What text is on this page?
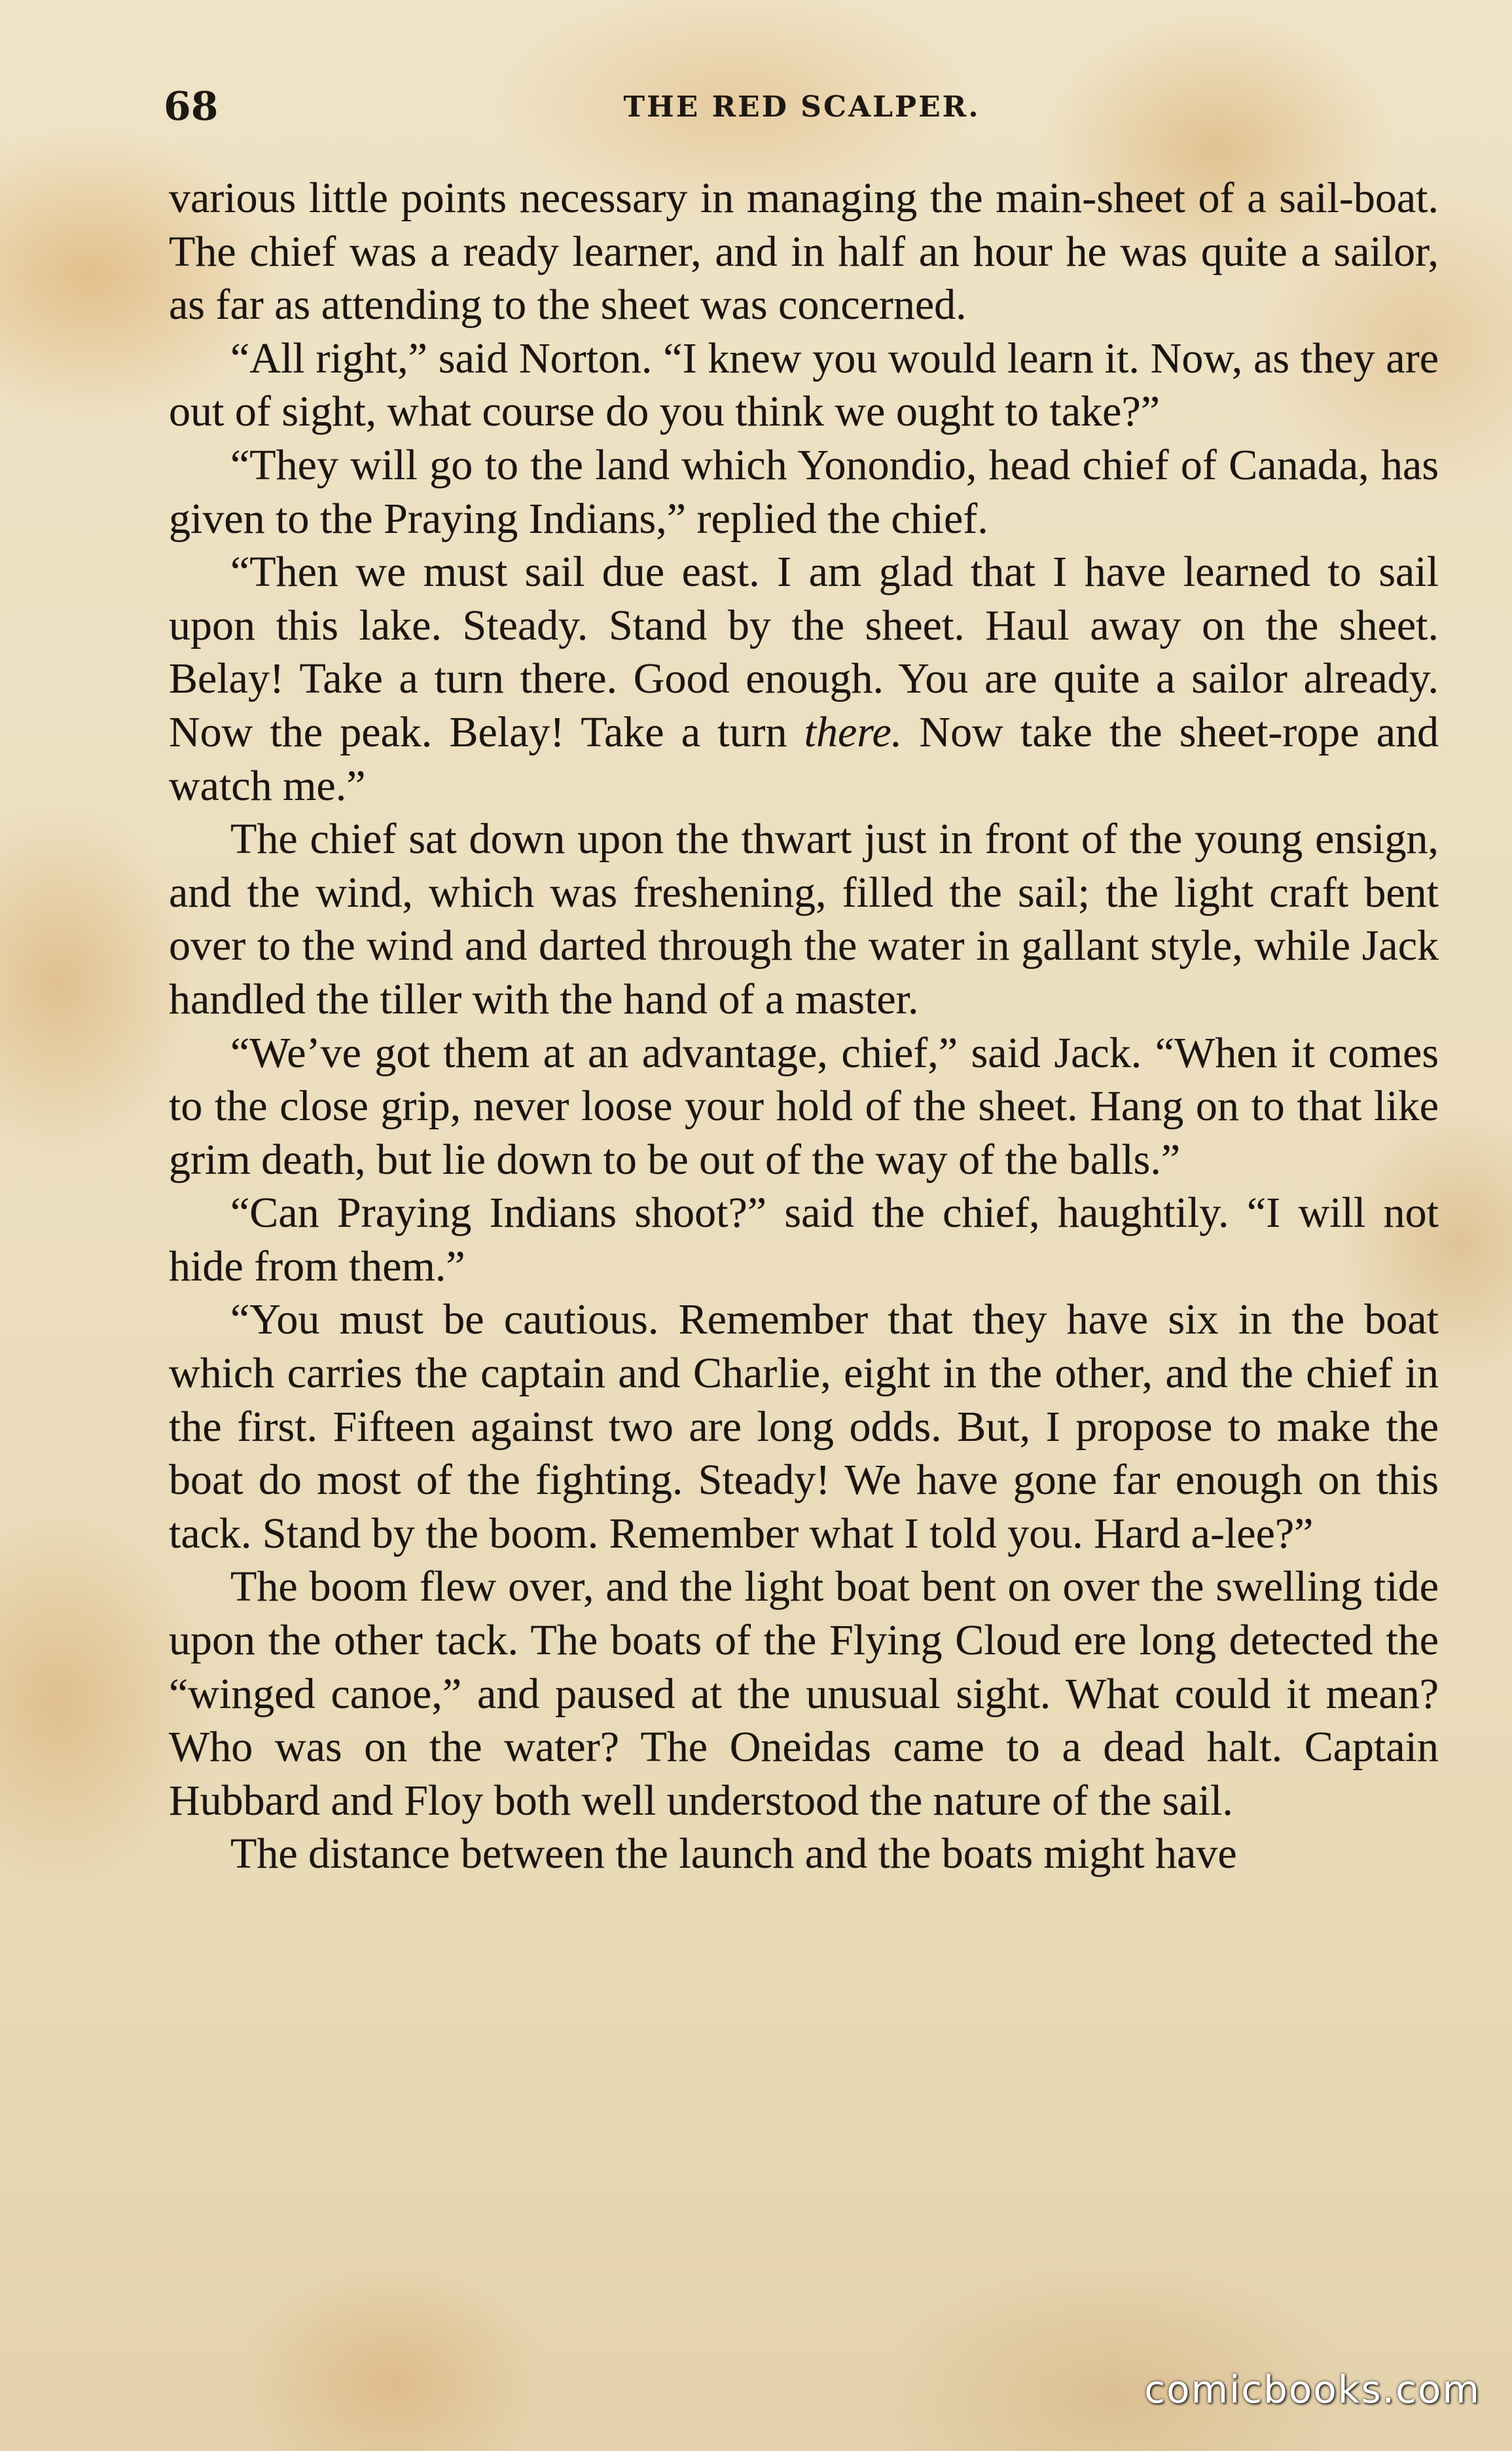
68	THE RED SCALPER.

various little points necessary in managing the main-sheet of a sail-boat. The chief was a ready learner, and in half an hour he was quite a sailor, as far as attending to the sheet was concerned.

“All right,” said Norton. “I knew you would learn it. Now, as they are out of sight, what course do you think we ought to take?”

“They will go to the land which Yonondio, head chief of Canada, has given to the Praying Indians,” replied the chief.

“Then we must sail due east. I am glad that I have learned to sail upon this lake. Steady. Stand by the sheet. Haul away on the sheet. Belay! Take a turn there. Good enough. You are quite a sailor already. Now the peak. Belay! Take a turn there. Now take the sheet-rope and watch me.”

The chief sat down upon the thwart just in front of the young ensign, and the wind, which was freshening, filled the sail; the light craft bent over to the wind and darted through the water in gallant style, while Jack handled the tiller with the hand of a master.

“We’ve got them at an advantage, chief,” said Jack. “When it comes to the close grip, never loose your hold of the sheet. Hang on to that like grim death, but lie down to be out of the way of the balls.”

“Can Praying Indians shoot?” said the chief, haughtily. “I will not hide from them.”

“You must be cautious. Remember that they have six in the boat which carries the captain and Charlie, eight in the other, and the chief in the first. Fifteen against two are long odds. But, I propose to make the boat do most of the fighting. Steady! We have gone far enough on this tack. Stand by the boom. Remember what I told you. Hard a-lee?”

The boom flew over, and the light boat bent on over the swelling tide upon the other tack. The boats of the Flying Cloud ere long detected the “winged canoe,” and paused at the unusual sight. What could it mean? Who was on the water? The Oneidas came to a dead halt. Captain Hubbard and Floy both well understood the nature of the sail.

The distance between the launch and the boats might have

comicbooks.com
